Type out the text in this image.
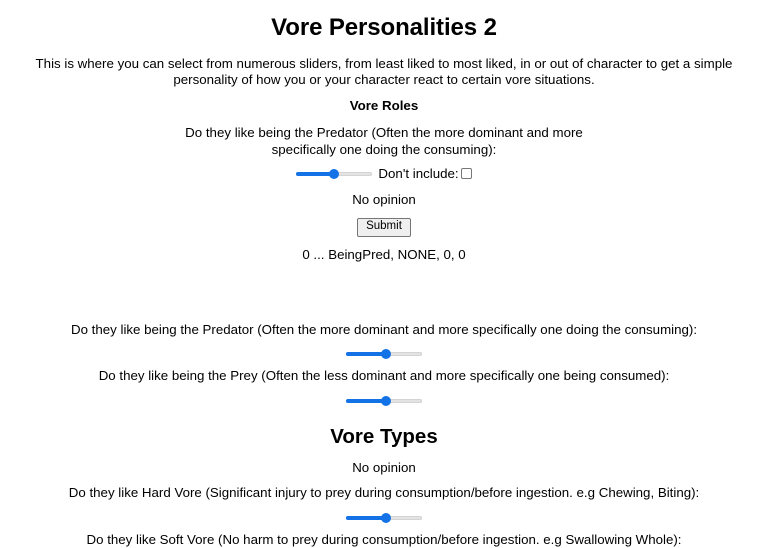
Vore Personalities 2

This is where you can select from numerous sliders, from least liked to most liked, in or out of character to get a simple personality of how you or your character react to certain vore situations.

Vore Roles

Do they like being the Predator (Often the more dominant and more specifically one doing the consuming):

Don't include:
No opinion
Submit
0 ... BeingPred, NONE, 0, 0

Do they like being the Predator (Often the more dominant and more specifically one doing the consuming):

Do they like being the Prey (Often the less dominant and more specifically one being consumed):

Vore Types
No opinion

Do they like Hard Vore (Significant injury to prey during consumption/before ingestion. e.g Chewing, Biting):

Do they like Soft Vore (No harm to prey during consumption/before ingestion. e.g Swallowing Whole):
